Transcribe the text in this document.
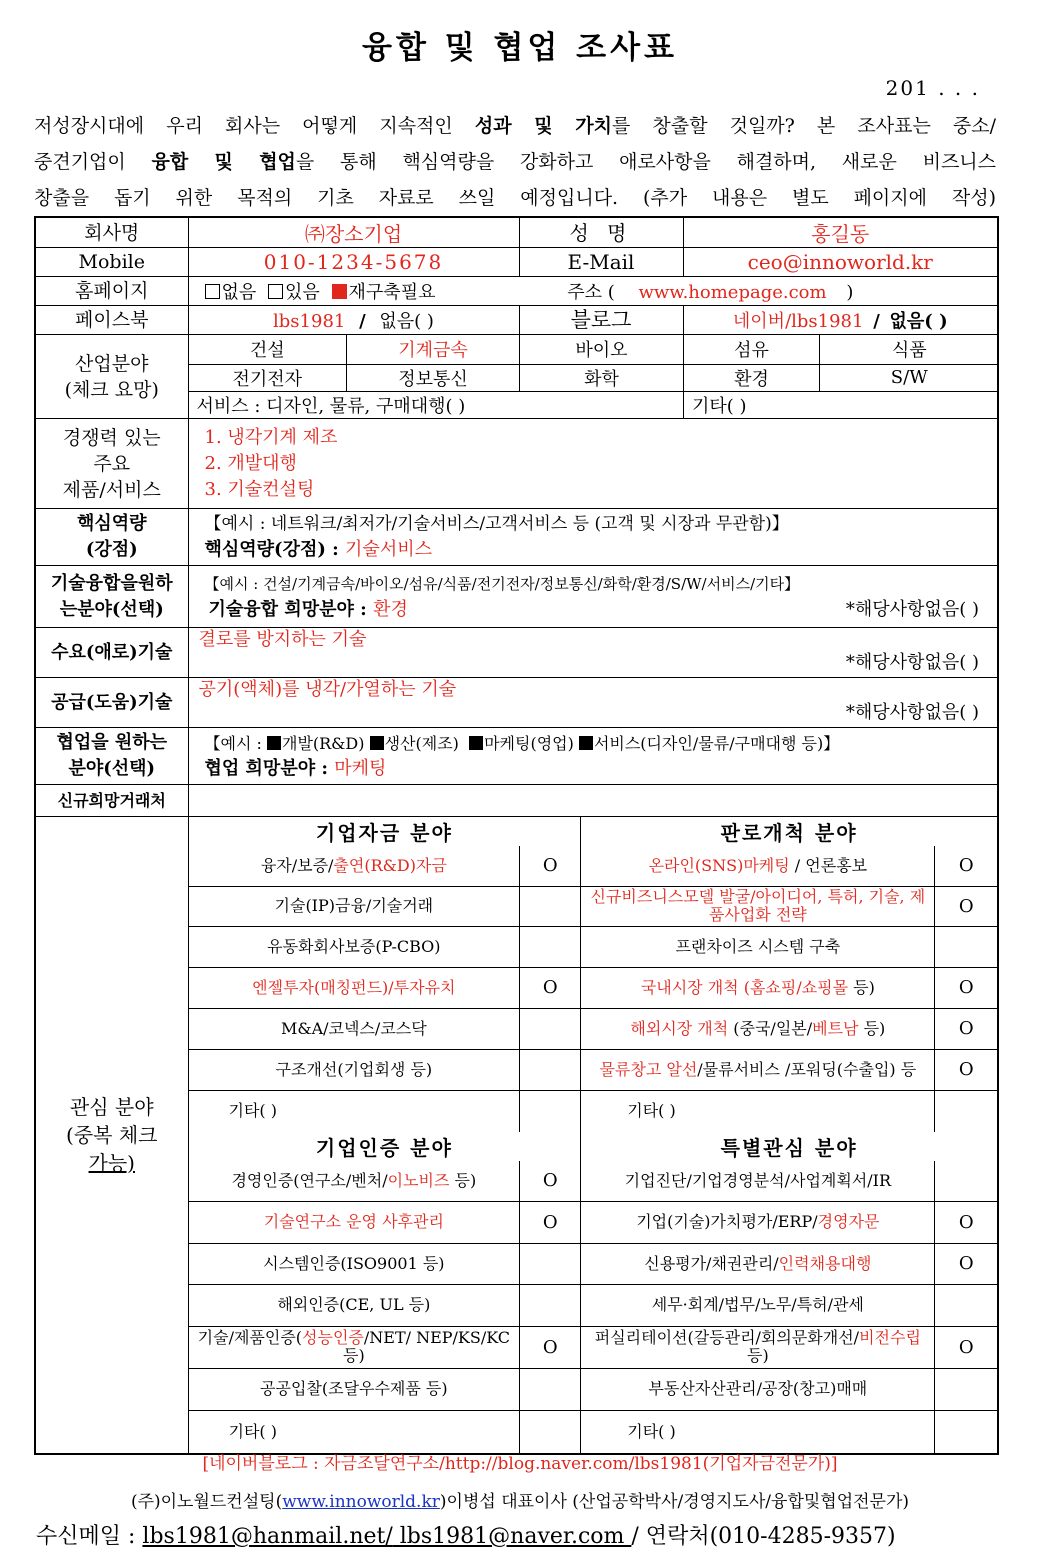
융합 및 협업 조사표
201 . . .

저성장시대에 우리 회사는 어떻게 지속적인 성과 및 가치를 창출할 것일까? 본 조사표는 중소/

중견기업이 융합 및 협업을 통해 핵심역량을 강화하고 애로사항을 해결하며, 새로운 비즈니스

창출을 돕기 위한 목적의 기초 자료로 쓰일 예정입니다. (추가 내용은 별도 페이지에 작성)

회사명	㈜장소기업	성 명	홍길동
Mobile	010-1234-5678	E-Mail	ceo@innoworld.kr
홈페이지	없음 있음 재구축필요	주소 ( www.homepage.com )
페이스북	lbs1981 / 없음( )	블로그	네이버/lbs1981 / 없음( )

산업분야
(체크 요망)

건설	기계금속	바이오	섬유	식품
전기전자	정보통신	화학	환경	S/W
서비스 : 디자인, 물류, 구매대행( )	기타( )

경쟁력 있는
주요
제품/서비스

1. 냉각기계 제조
2. 개발대행
3. 기술컨설팅

핵심역량
(강점)

【예시 : 네트워크/최저가/기술서비스/고객서비스 등 (고객 및 시장과 무관함)】
핵심역량(강점) : 기술서비스

기술융합을원하
는분야(선택)

【예시 : 건설/기계금속/바이오/섬유/식품/전기전자/정보통신/화학/환경/S/W/서비스/기타】
기술융합 희망분야 : 환경	*해당사항없음( )

수요(애로)기술	
결로를 방지하는 기술
*해당사항없음( )

공급(도움)기술	
공기(액체)를 냉각/가열하는 기술
*해당사항없음( )

협업을 원하는
분야(선택)

【예시 : 개발(R&D) 생산(제조) 마케팅(영업) 서비스(디자인/물류/구매대행 등)】
협업 희망분야 : 마케팅

신규희망거래처	

관심 분야
(중복 체크
가능)

기업자금 분야	판로개척 분야
융자/보증/출연(R&D)자금	O	온라인(SNS)마케팅 / 언론홍보	O
기술(IP)금융/기술거래		신규비즈니스모델 발굴/아이디어, 특허, 기술, 제품사업화 전략	O
유동화회사보증(P-CBO)		프랜차이즈 시스템 구축	
엔젤투자(매칭펀드)/투자유치	O	국내시장 개척 (홈쇼핑/쇼핑몰 등)	O
M&A/코넥스/코스닥		해외시장 개척 (중국/일본/베트남 등)	O
구조개선(기업회생 등)		물류창고 알선/물류서비스 /포워딩(수출입) 등	O
기타( )		기타( )	
기업인증 분야	특별관심 분야
경영인증(연구소/벤처/이노비즈 등)	O	기업진단/기업경영분석/사업계획서/IR	
기술연구소 운영 사후관리	O	기업(기술)가치평가/ERP/경영자문	O
시스템인증(ISO9001 등)		신용평가/채권관리/인력채용대행	O
해외인증(CE, UL 등)		세무·회계/법무/노무/특허/관세	
기술/제품인증(성능인증/NET/ NEP/KS/KC 등)	O	퍼실리테이션(갈등관리/회의문화개선/비전수립 등)	O
공공입찰(조달우수제품 등)		부동산자산관리/공장(창고)매매	
기타( )		기타( )	
[네이버블로그 : 자금조달연구소/http://blog.naver.com/lbs1981(기업자금전문가)]
(주)이노월드컨설팅(www.innoworld.kr)이병섭 대표이사 (산업공학박사/경영지도사/융합및협업전문가)
수신메일 : lbs1981@hanmail.net/ lbs1981@naver.com / 연락처(010-4285-9357)
